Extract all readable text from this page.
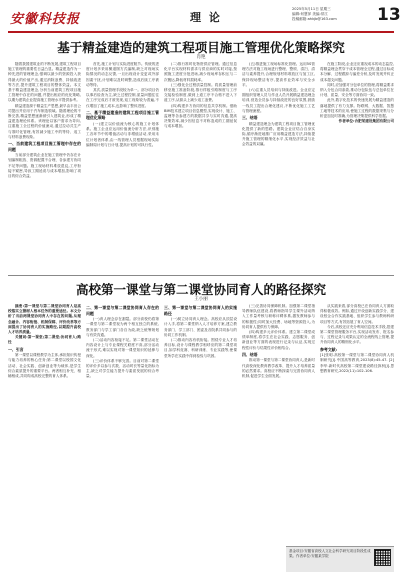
安徽科技报	理 论
2025年5月11日 星期三
编辑:何慧萍 美编:常江
投稿邮箱:ahkjb@163.com 13
基于精益建造的建筑工程项目施工管理优化策略探究
肖艳

随着我国建筑业的不断发展,建筑工程项目施工管理的重要性日益凸显。精益建造作为一种先进的管理理念,强调以最少的资源投入获得最大的价值产出,通过消除浪费、持续改进等方法,提升建筑工程项目的整体效益。本文基于精益建造理念,分析当前建筑工程项目施工管理中存在的问题,并提出相应的优化策略,以期为建筑企业提高施工管理水平提供参考。

精益建造源于精益生产思想,最早由丰田公司提出并应用于汽车制造领域。随着理论的不断完善,精益思想逐渐被引入建筑业,形成了精益建造理论体系。该理论以客户需求为导向,注重施工全过程的价值流动,通过拉动式生产与准时化管理,有效减少施工中的等待、返工与材料浪费现象。

一、当前建筑工程项目施工管理中存在的问题

当前部分建筑企业在施工管理中仍存在计划编制粗放、资源配置不合理、各参建方协同不足等问题。施工现场材料堆放混乱,工序衔接不紧密,导致工期延误与成本增加,影响了项目的综合效益。

首先,施工计划与实际进度脱节。传统的进度计划多采用横道图方式编制,缺乏对现场实际情况的动态反馈,一旦出现设计变更或外部因素干扰,计划难以及时调整,造成后续工序被动等待。

其次,质量管理手段较为单一。部分项目仍以事后检查为主,缺乏过程控制,质量问题往往在工序完成后才被发现,返工现象较为普遍,不仅增加了施工成本,也影响了整体进度。

二、基于精益建造的建筑工程项目施工管理优化策略

(一)建立以价值流为核心的施工计划体系。施工企业应运用价值流分析方法,识别施工各环节中的增值活动与非增值活动,采用末位计划者体系,由一线管理人员根据现场实际编制周计划与日计划,提高计划的可执行性。

(二)推行准时化物资供应管理。通过信息化平台实现材料需求与供应商的实时对接,按照施工进度分批进场,减少现场库存积压与二次搬运,降低材料损耗率。

(三)强化全过程质量控制。将质量管理前移至施工准备阶段,推行样板引路制度与工序交接检验制度,做到上道工序不合格不进入下道工序,从源头上减少返工浪费。

(四)构建多方协同的信息共享机制。借助BIM技术建立项目信息模型,实现设计、施工、监理等各参建方的数据共享与实时沟通,提高决策效率,减少因信息不对称造成的工期延误与成本增加。

(五)推进施工现场标准化管理。运用5S管理方法对施工现场进行整理、整顿、清扫、清洁与素养提升,合理规划材料堆放区与加工区,保持现场整洁有序,提高作业效率与安全水平。

(六)注重人员培训与持续改进。企业应定期组织管理人员与作业人员开展精益建造理念培训,营造全员参与持续改进的良好氛围,鼓励一线员工提出合理化建议,不断优化施工工艺与管理流程。

三、结语

精益建造理念为建筑工程项目施工管理优化提供了新的思路。建筑企业应结合自身实际,循序渐进地推广应用精益建造方法,持续提升施工管理的精细化水平,实现经济效益与社会效益的双赢。

在施工阶段,企业还应重视成本的动态监控,将精益理念贯穿于成本管理全过程,通过目标成本分解、过程跟踪与偏差分析,及时发现并纠正成本超支问题。

同时,应加强对分包单位的管理,将精益要求纳入分包合同条款,推动分包队伍与总包单位在计划、质量、安全等方面协同一致。

此外,数字化技术的快速发展为精益建造的落地提供了有力支撑。物联网、大数据、智慧工地等技术的应用,使施工过程的数据采集与分析更加及时准确,为管理决策提供科学依据。

作者单位:合肥某建设集团有限公司

高校第一课堂与第二课堂协同育人的路径探究
王小丽

摘要:第一课堂与第二课堂协同育人是高校落实立德树人根本任务的重要途径。本文分析了当前两课堂协同育人中存在的问题,从理念融合、内容衔接、机制保障、评价改革等方面提出了协同育人的实施路径,以期提升高校人才培养质量。

关键词:第一课堂;第二课堂;协同育人;路径

一、引言

第一课堂以课程教学为主体,承担知识传授与能力培养的核心任务;第二课堂以校园文化活动、社会实践、创新创业等为载体,是学生综合素质提升的重要平台。两者相互补充、相辅相成,共同构成高校完整的育人体系。

二、第一课堂与第二课堂协同育人存在的问题

(一)育人理念存在割裂。部分高校仍将第一课堂与第二课堂视为两个相互独立的系统,教务部门与学工部门各自为政,缺乏统筹规划与有效沟通。

(二)活动内容衔接不足。第二课堂活动在内容设计上与专业课程关联度不高,部分活动流于形式,难以实现对第一课堂知识的延伸与深化。

(三)评价体系不够完善。目前对第二课堂的评价多以参与次数、活动时长等量化指标为主,缺乏对学生能力提升与素质发展的综合考量。

三、第一课堂与第二课堂协同育人的实施路径

(一)树立协同育人理念。高校应从顶层设计入手,将第二课堂纳入人才培养方案,建立教务部门、学工部门、团委及各院系共同参与的协同工作机制。

(二)推动内容有机衔接。围绕专业人才培养目标,设计与课程教学相呼应的第二课堂项目,如学科竞赛、科研训练、专业实践等,使课堂所学在实践中得到检验与巩固。

(三)完善协同保障机制。加强第二课堂指导教师队伍建设,将教师指导学生课外活动纳入工作量考核与职称评聘体系,激发教师参与的积极性;同时加大经费、场地等资源投入,为协同育人提供有力保障。

(四)构建多元评价体系。建立第二课堂成绩单制度,将学生在社会实践、志愿服务、创新创业等方面的表现进行记录与认证,实现过程性评价与结果性评价相结合。

四、结语

推动第一课堂与第二课堂协同育人,是新时代高校深化教育教学改革、提升人才培养质量的必然要求。高校应不断探索与完善协同育人机制,促进学生全面发展。

从实践来看,部分高校已在协同育人方面取得积极成效。例如,通过开设创新实践学分、建设校企合作实践基地、组织学生参与教师科研项目等方式,有效拓展了育人空间。

今后,高校还应充分利用信息技术手段,搭建第二课堂管理服务平台,实现活动发布、报名参与、过程记录与成果认定的全流程线上管理,提升协同育人的精细化水平。

参考文献:

[1]张明.高校第一课堂与第二课堂协同育人机制研究[J].中国高等教育,2023(8):45-47. [2]李华.新时代高校第二课堂建设路径探析[J].思想教育研究,2022(11):102-106.

基金项目:安徽省高校人文社会科学研究项目阶段性成果。作者单位:安徽某学院
